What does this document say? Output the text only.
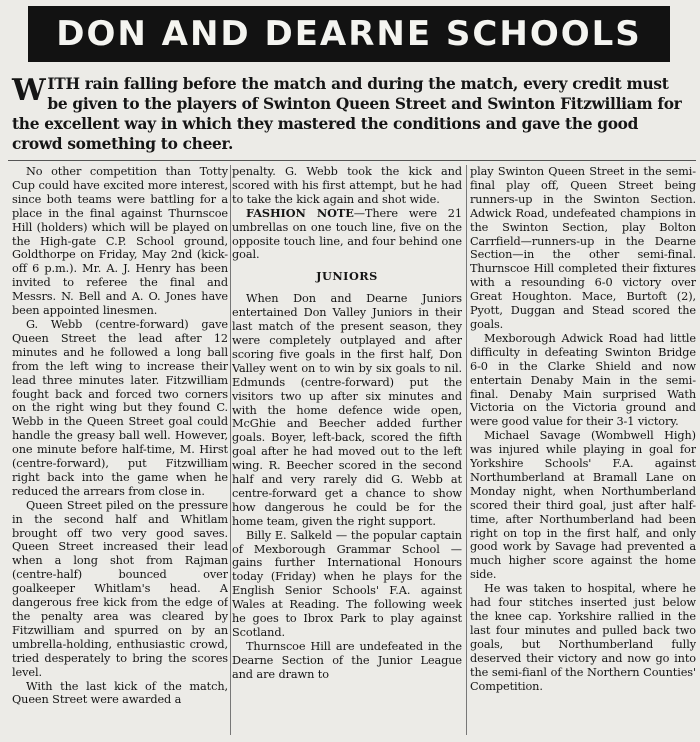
DON AND DEARNE SCHOOLS

WITH rain falling before the match and during the match, every credit must be given to the players of Swinton Queen Street and Swinton Fitzwilliam for the excellent way in which they mastered the conditions and gave the good crowd something to cheer.

No other competition than Totty Cup could have excited more interest, since both teams were battling for a place in the final against Thurnscoe Hill (holders) which will be played on the High-gate C.P. School ground, Goldthorpe on Friday, May 2nd (kick-off 6 p.m.). Mr. A. J. Henry has been invited to referee the final and Messrs. N. Bell and A. O. Jones have been appointed linesmen.

G. Webb (centre-forward) gave Queen Street the lead after 12 minutes and he followed a long ball from the left wing to increase their lead three minutes later. Fitzwilliam fought back and forced two corners on the right wing but they found C. Webb in the Queen Street goal could handle the greasy ball well. However, one minute before half-time, M. Hirst (centre-forward), put Fitzwilliam right back into the game when he reduced the arrears from close in.

Queen Street piled on the pressure in the second half and Whitlam brought off two very good saves. Queen Street increased their lead when a long shot from Rajman (centre-half) bounced over goalkeeper Whitlam's head. A dangerous free kick from the edge of the penalty area was cleared by Fitzwilliam and spurred on by an umbrella-holding, enthusiastic crowd, tried desperately to bring the scores level.

With the last kick of the match, Queen Street were awarded a

penalty. G. Webb took the kick and scored with his first attempt, but he had to take the kick again and shot wide.

FASHION NOTE—There were 21 umbrellas on one touch line, five on the opposite touch line, and four behind one goal.

JUNIORS

When Don and Dearne Juniors entertained Don Valley Juniors in their last match of the present season, they were completely outplayed and after scoring five goals in the first half, Don Valley went on to win by six goals to nil. Edmunds (centre-forward) put the visitors two up after six minutes and with the home defence wide open, McGhie and Beecher added further goals. Boyer, left-back, scored the fifth goal after he had moved out to the left wing. R. Beecher scored in the second half and very rarely did G. Webb at centre-forward get a chance to show how dangerous he could be for the home team, given the right support.

Billy E. Salkeld — the popular captain of Mexborough Grammar School — gains further International Honours today (Friday) when he plays for the English Senior Schools' F.A. against Wales at Reading. The following week he goes to Ibrox Park to play against Scotland.

Thurnscoe Hill are undefeated in the Dearne Section of the Junior League and are drawn to

play Swinton Queen Street in the semi-final play off, Queen Street being runners-up in the Swinton Section. Adwick Road, undefeated champions in the Swinton Section, play Bolton Carrfield—runners-up in the Dearne Section—in the other semi-final. Thurnscoe Hill completed their fixtures with a resounding 6-0 victory over Great Houghton. Mace, Burtoft (2), Pyott, Duggan and Stead scored the goals.

Mexborough Adwick Road had little difficulty in defeating Swinton Bridge 6-0 in the Clarke Shield and now entertain Denaby Main in the semi-final. Denaby Main surprised Wath Victoria on the Victoria ground and were good value for their 3-1 victory.

Michael Savage (Wombwell High) was injured while playing in goal for Yorkshire Schools' F.A. against Northumberland at Bramall Lane on Monday night, when Northumberland scored their third goal, just after half-time, after Northumberland had been right on top in the first half, and only good work by Savage had prevented a much higher score against the home side.

He was taken to hospital, where he had four stitches inserted just below the knee cap. Yorkshire rallied in the last four minutes and pulled back two goals, but Northumberland fully deserved their victory and now go into the semi-fianl of the Northern Counties' Competition.
